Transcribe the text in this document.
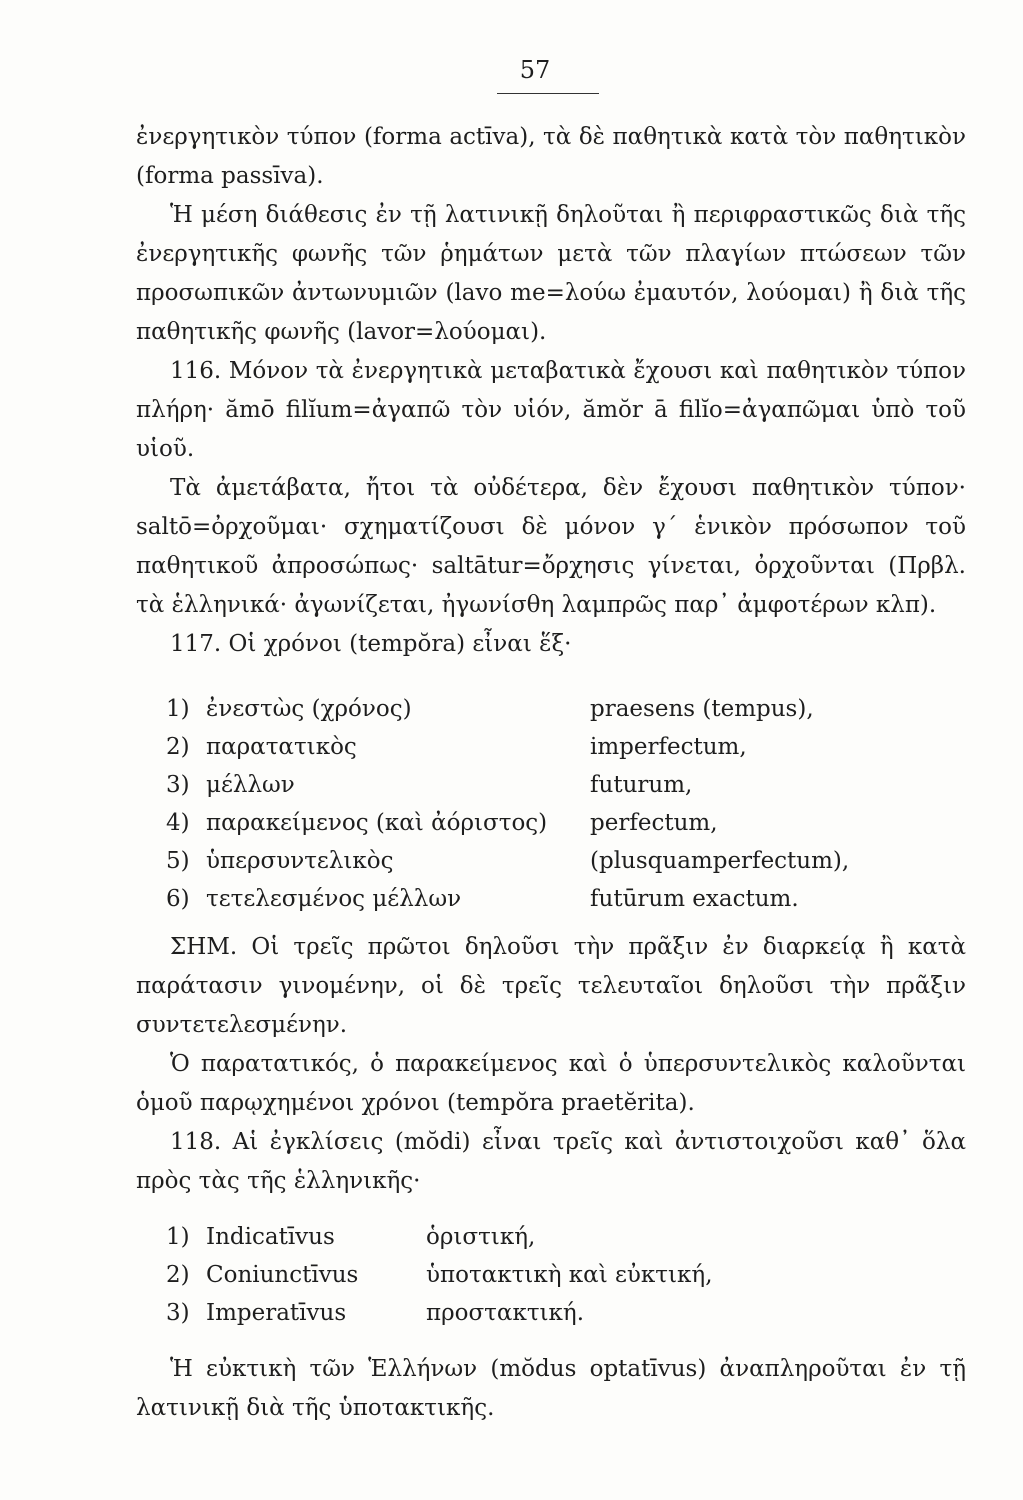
57

ἐνεργητικὸν τύπον (forma actīva), τὰ δὲ παθητικὰ κατὰ τὸν παθητικὸν (forma passīva).

Ἡ μέση διάθεσις ἐν τῇ λατινικῇ δηλοῦται ἢ περιφραστικῶς διὰ τῆς ἐνεργητικῆς φωνῆς τῶν ῥημάτων μετὰ τῶν πλαγίων πτώσεων τῶν προσωπικῶν ἀντωνυμιῶν (lavo me=λούω ἐμαυτόν, λούομαι) ἢ διὰ τῆς παθητικῆς φωνῆς (lavor=λούομαι).

116. Μόνον τὰ ἐνεργητικὰ μεταβατικὰ ἔχουσι καὶ παθητικὸν τύπον πλήρη· ămō filĭum=ἀγαπῶ τὸν υἱόν, ămŏr ā filĭo=ἀγαπῶμαι ὑπὸ τοῦ υἱοῦ.

Τὰ ἀμετάβατα, ἤτοι τὰ οὐδέτερα, δὲν ἔχουσι παθητικὸν τύπον· saltō=ὀρχοῦμαι· σχηματίζουσι δὲ μόνον γ΄ ἑνικὸν πρόσωπον τοῦ παθητικοῦ ἀπροσώπως· saltātur=ὄρχησις γίνεται, ὀρχοῦνται (Πρβλ. τὰ ἑλληνικά· ἀγωνίζεται, ἠγωνίσθη λαμπρῶς παρ᾽ ἀμφοτέρων κλπ).

117. Οἱ χρόνοι (tempŏra) εἶναι ἕξ·

1) ἐνεστὼς (χρόνος)	praesens (tempus),
2) παρατατικὸς	imperfectum,
3) μέλλων	futurum,
4) παρακείμενος (καὶ ἀόριστος) perfectum,
5) ὑπερσυντελικὸς	(plusquamperfectum),
6) τετελεσμένος μέλλων	futūrum exactum.

ΣΗΜ. Οἱ τρεῖς πρῶτοι δηλοῦσι τὴν πρᾶξιν ἐν διαρκείᾳ ἢ κατὰ παράτασιν γινομένην, οἱ δὲ τρεῖς τελευταῖοι δηλοῦσι τὴν πρᾶξιν συντετελεσμένην.

Ὁ παρατατικός, ὁ παρακείμενος καὶ ὁ ὑπερσυντελικὸς καλοῦνται ὁμοῦ παρῳχημένοι χρόνοι (tempŏra praetĕrita).

118. Αἱ ἐγκλίσεις (mŏdi) εἶναι τρεῖς καὶ ἀντιστοιχοῦσι καθ᾽ ὅλα πρὸς τὰς τῆς ἑλληνικῆς·

1) Indicatīvus	ὁριστική,
2) Coniunctīvus	ὑποτακτικὴ καὶ εὐκτική,
3) Imperatīvus	προστακτική.

Ἡ εὐκτικὴ τῶν Ἑλλήνων (mŏdus optatīvus) ἀναπληροῦται ἐν τῇ λατινικῇ διὰ τῆς ὑποτακτικῆς.
